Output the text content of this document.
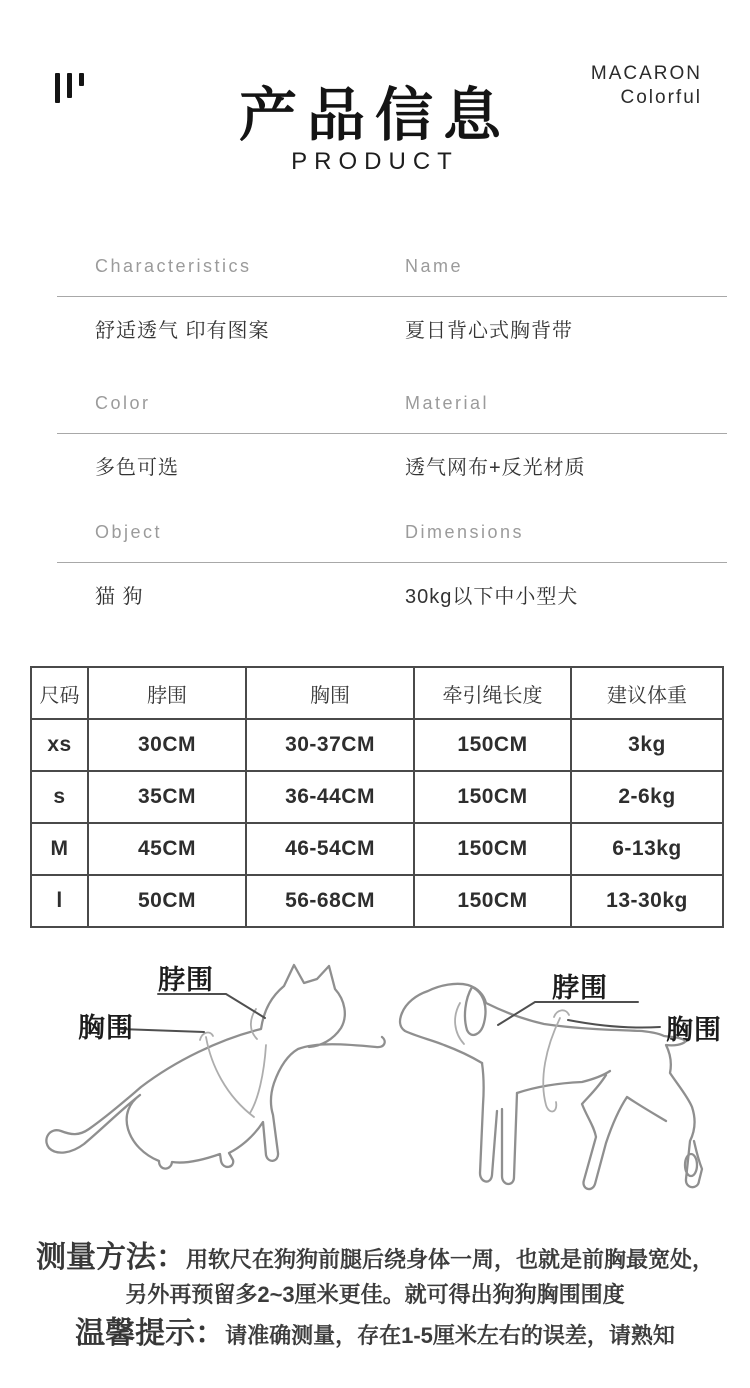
产品信息
PRODUCT
MACARON
Colorful
Characteristics	Name
舒适透气 印有图案	夏日背心式胸背带
Color	Material
多色可选	透气网布+反光材质
Object	Dimensions
猫 狗	30kg以下中小型犬
尺码	脖围	胸围	牵引绳长度	建议体重
xs	30CM	30-37CM	150CM	3kg
s	35CM	36-44CM	150CM	2-6kg
M	45CM	46-54CM	150CM	6-13kg
l	50CM	56-68CM	150CM	13-30kg
脖围
胸围
脖围
胸围
测量方法：用软尺在狗狗前腿后绕身体一周，也就是前胸最宽处，
另外再预留多2~3厘米更佳。就可得出狗狗胸围围度
温馨提示：请准确测量，存在1-5厘米左右的误差，请熟知
